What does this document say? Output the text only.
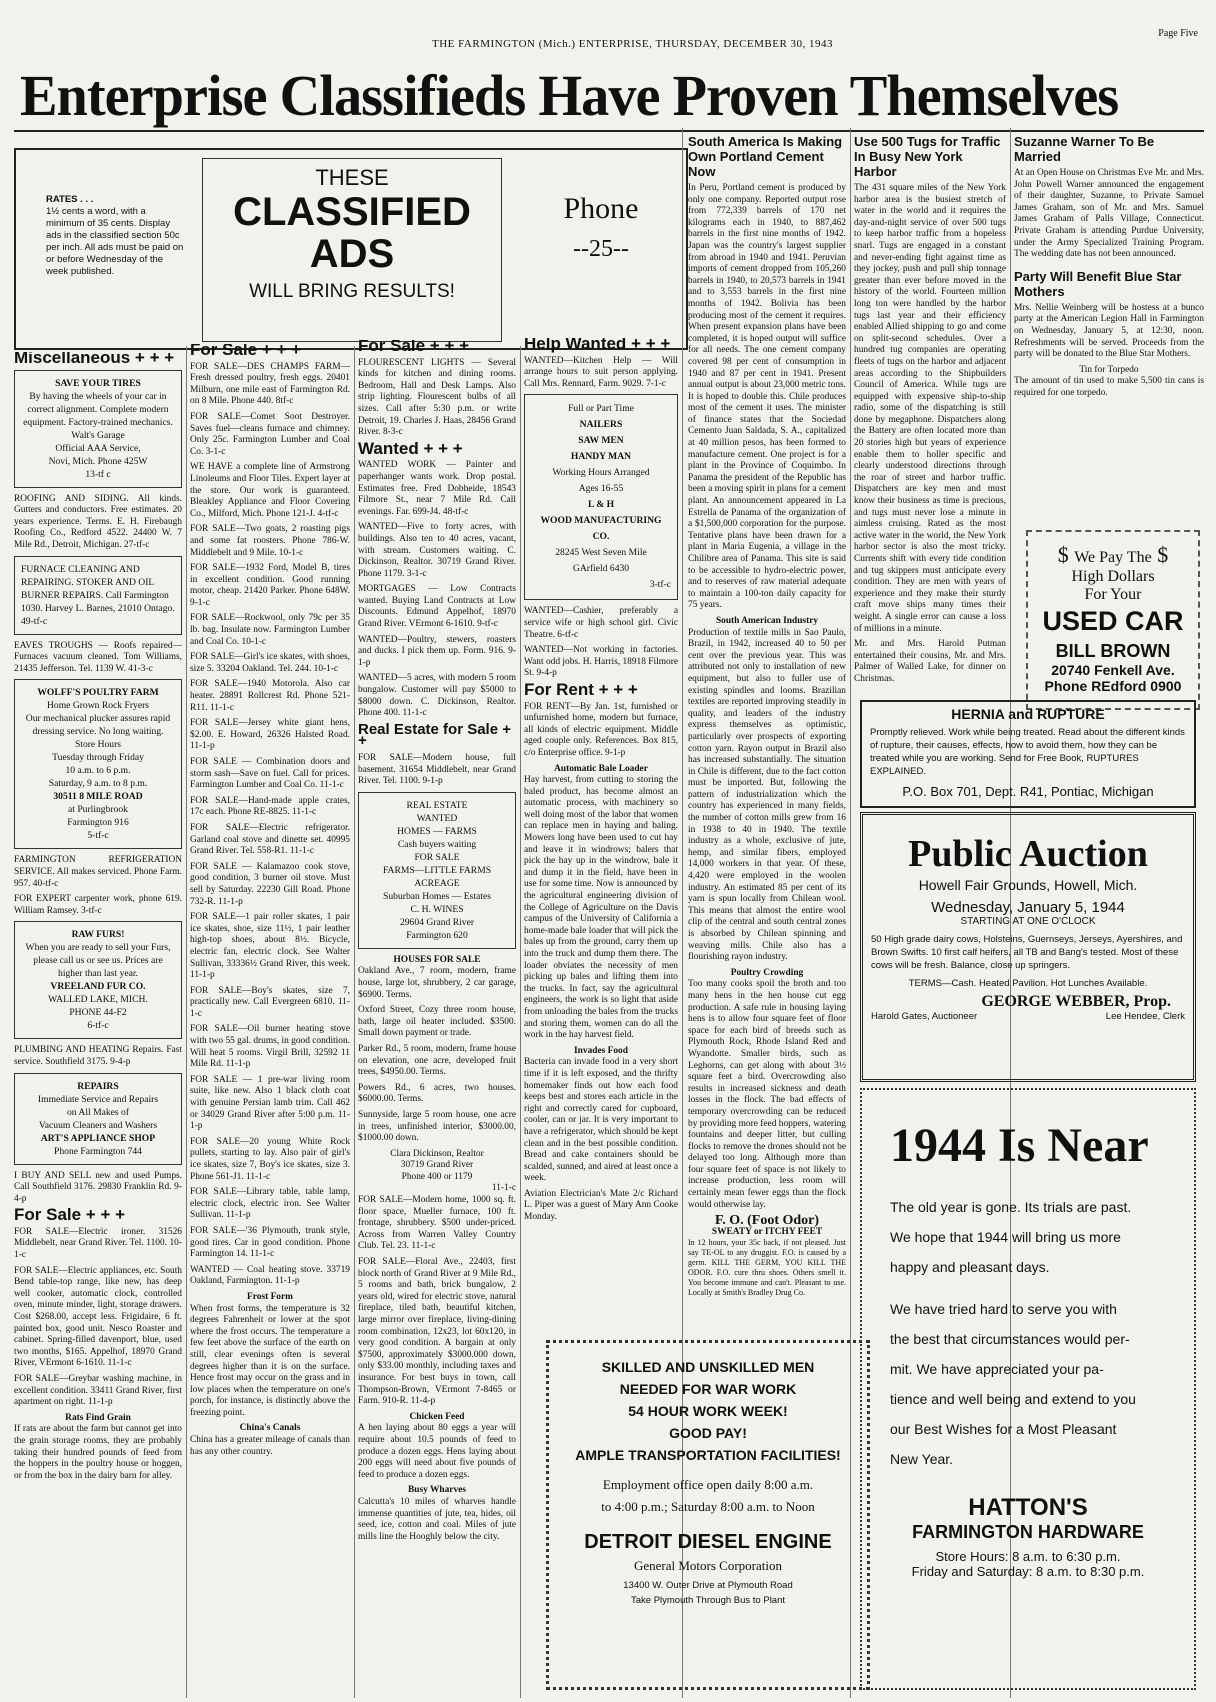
THE FARMINGTON (Mich.) ENTERPRISE, THURSDAY, DECEMBER 30, 1943
Page Five
Enterprise Classifieds Have Proven Themselves
RATES . . .
1½ cents a word, with a minimum of 35 cents. Display ads in the classified section 50c per inch. All ads must be paid on or before Wednesday of the week published.
THESE
CLASSIFIED
ADS
WILL BRING RESULTS!
Phone
--25--
Miscellaneous + + +
SAVE YOUR TIRES
By having the wheels of your car in correct alignment. Complete modern equipment. Factory-trained mechanics.
Walt's Garage
Official AAA Service,
Novi, Mich. Phone 425W
13-tf c

ROOFING AND SIDING. All kinds. Gutters and conductors. Free estimates. 20 years experience. Terms. E. H. Firebaugh Roofing Co., Redford 4522. 24400 W. 7 Mile Rd., Detroit, Michigan. 27-tf-c

FURNACE CLEANING AND REPAIRING. STOKER AND OIL BURNER REPAIRS. Call Farmington 1030. Harvey L. Barnes, 21010 Ontago. 49-tf-c

EAVES TROUGHS — Roofs repaired—Furnaces vacuum cleaned. Tom Williams, 21435 Jefferson. Tel. 1139 W. 41-3-c

WOLFF'S POULTRY FARM
Home Grown Rock Fryers
Our mechanical plucker assures rapid dressing service. No long waiting.
Store Hours
Tuesday through Friday
10 a.m. to 6 p.m.
Saturday, 9 a.m. to 8 p.m.
30511 8 MILE ROAD
at Purlingbrook
Farmington 916
5-tf-c

FARMINGTON REFRIGERATION SERVICE. All makes serviced. Phone Farm. 957. 40-tf-c

FOR EXPERT carpenter work, phone 619. William Ramsey. 3-tf-c

RAW FURS!
When you are ready to sell your Furs, please call us or see us. Prices are higher than last year.
VREELAND FUR CO.
WALLED LAKE, MICH.
PHONE 44-F2
6-tf-c

PLUMBING AND HEATING Repairs. Fast service. Southfield 3175. 9-4-p

REPAIRS
Immediate Service and Repairs
on All Makes of
Vacuum Cleaners and Washers
ART'S APPLIANCE SHOP
Phone Farmington 744

I BUY AND SELL new and used Pumps. Call Southfield 3176. 29830 Franklin Rd. 9-4-p

For Sale + + +

FOR SALE—Electric ironer. 31526 Middlebelt, near Grand River. Tel. 1100. 10-1-c

FOR SALE—Electric appliances, etc. South Bend table-top range, like new, has deep well cooker, automatic clock, controlled oven, minute minder, light, storage drawers. Cost $268.00, accept less. Frigidaire, 6 ft. painted box, good unit. Nesco Roaster and cabinet. Spring-filled davenport, blue, used two months, $165. Appelhof, 18970 Grand River, VErmont 6-1610. 11-1-c

FOR SALE—Greybar washing machine, in excellent condition. 33411 Grand River, first apartment on right. 11-1-p

Rats Find Grain

If rats are about the farm but cannot get into the grain storage rooms, they are probably taking their hundred pounds of feed from the hoppers in the poultry house or hoggen, or from the box in the dairy barn for alley.

For Sale + + +

FOR SALE—DES CHAMPS FARM—Fresh dressed poultry, fresh eggs. 20401 Milburn, one mile east of Farmington Rd. on 8 Mile. Phone 440. 8tf-c

FOR SALE—Comet Soot Destroyer. Saves fuel—cleans furnace and chimney. Only 25c. Farmington Lumber and Coal Co. 3-1-c

WE HAVE a complete line of Armstrong Linoleums and Floor Tiles. Expert layer at the store. Our work is guaranteed. Bleakley Appliance and Floor Covering Co., Milford, Mich. Phone 121-J. 4-tf-c

FOR SALE—Two goats, 2 roasting pigs and some fat roosters. Phone 786-W. Middlebelt and 9 Mile. 10-1-c

FOR SALE—1932 Ford, Model B, tires in excellent condition. Good running motor, cheap. 21420 Parker. Phone 648W. 9-1-c

FOR SALE—Rockwool, only 79c per 35 lb. bag. Insulate now. Farmington Lumber and Coal Co. 10-1-c

FOR SALE—Girl's ice skates, with shoes, size 5. 33204 Oakland. Tel. 244. 10-1-c

FOR SALE—1940 Motorola. Also car heater. 28891 Rollcrest Rd. Phone 521-R11. 11-1-c

FOR SALE—Jersey white giant hens, $2.00. E. Howard, 26326 Halsted Road. 11-1-p

FOR SALE — Combination doors and storm sash—Save on fuel. Call for prices. Farmington Lumber and Coal Co. 11-1-c

FOR SALE—Hand-made apple crates, 17c each. Phone RE-8825. 11-1-c

FOR SALE—Electric refrigerator. Garland coal stove and dinette set. 40995 Grand River. Tel. 558-R1. 11-1-c

FOR SALE — Kalamazoo cook stove, good condition, 3 burner oil stove. Must sell by Saturday. 22230 Gill Road. Phone 732-R. 11-1-p

FOR SALE—1 pair roller skates, 1 pair ice skates, shoe, size 11½, 1 pair leather high-top shoes, about 8½. Bicycle, electric fan, electric clock. See Walter Sullivan, 33336½ Grand River, this week. 11-1-p

FOR SALE—Boy's skates, size 7, practically new. Call Evergreen 6810. 11-1-c

FOR SALE—Oil burner heating stove with two 55 gal. drums, in good condition. Will heat 5 rooms. Virgil Brill, 32592 11 Mile Rd. 11-1-p

FOR SALE — 1 pre-war living room suite, like new. Also 1 black cloth coat with genuine Persian lamb trim. Call 462 or 34029 Grand River after 5:00 p.m. 11-1-p

FOR SALE—20 young White Rock pullets, starting to lay. Also pair of girl's ice skates, size 7, Boy's ice skates, size 3. Phone 561-J1. 11-1-c

FOR SALE—Library table, table lamp, electric clock, electric iron. See Walter Sullivan. 11-1-p

FOR SALE—'36 Plymouth, trunk style, good tires. Car in good condition. Phone Farmington 14. 11-1-c

WANTED — Coal heating stove. 33719 Oakland, Farmington. 11-1-p

Frost Form

When frost forms, the temperature is 32 degrees Fahrenheit or lower at the spot where the frost occurs. The temperature a few feet above the surface of the earth on still, clear evenings often is several degrees higher than it is on the surface. Hence frost may occur on the grass and in low places when the temperature on one's porch, for instance, is distinctly above the freezing point.

China's Canals

China has a greater mileage of canals than has any other country.

For Sale + + +

FLOURESCENT LIGHTS — Several kinds for kitchen and dining rooms. Bedroom, Hall and Desk Lamps. Also strip lighting. Flourescent bulbs of all sizes. Call after 5:30 p.m. or write Detroit, 19. Charles J. Haas, 28456 Grand River. 8-3-c

Wanted + + +

WANTED WORK — Painter and paperhanger wants work. Drop postal. Estimates free. Fred Dobheide, 18543 Filmore St., near 7 Mile Rd. Call evenings. Far. 699-J4. 48-tf-c

WANTED—Five to forty acres, with buildings. Also ten to 40 acres, vacant, with stream. Customers waiting. C. Dickinson, Realtor. 30719 Grand River. Phone 1179. 3-1-c

MORTGAGES — Low Contracts wanted. Buying Land Contracts at Low Discounts. Edmund Appelhof, 18970 Grand River. VErmont 6-1610. 9-tf-c

WANTED—Poultry, stewers, roasters and ducks. I pick them up. Form. 916. 9-1-p

WANTED—5 acres, with modern 5 room bungalow. Customer will pay $5000 to $8000 down. C. Dickinson, Realtor. Phone 400. 11-1-c

Real Estate for Sale + +

FOR SALE—Modern house, full basement. 31654 Middlebelt, near Grand River. Tel. 1100. 9-1-p

REAL ESTATE
WANTED
HOMES — FARMS
Cash buyers waiting
FOR SALE
FARMS—LITTLE FARMS
ACREAGE
Suburban Homes — Estates
C. H. WINES
29604 Grand River
Farmington 620
HOUSES FOR SALE

Oakland Ave., 7 room, modern, frame house, large lot, shrubbery, 2 car garage, $6900. Terms.

Oxford Street, Cozy three room house, bath, large oil heater included. $3500. Small down payment or trade.

Parker Rd., 5 room, modern, frame house on elevation, one acre, developed fruit trees, $4950.00. Terms.

Powers Rd., 6 acres, two houses. $6000.00. Terms.

Sunnyside, large 5 room house, one acre in trees, unfinished interior, $3000.00, $1000.00 down.

Clara Dickinson, Realtor
30719 Grand River
Phone 400 or 1179
11-1-c

FOR SALE—Modern home, 1000 sq. ft. floor space, Mueller furnace, 100 ft. frontage, shrubbery. $500 under-priced. Across from Warren Valley Country Club. Tel. 23. 11-1-c

FOR SALE—Floral Ave., 22403, first block north of Grand River at 9 Mile Rd., 5 rooms and bath, brick bungalow, 2 years old, wired for electric stove, natural fireplace, tiled bath, beautiful kitchen, large mirror over fireplace, living-dining room combination, 12x23, lot 60x120, in very good condition. A bargain at only $7500, approximately $3000.000 down, only $33.00 monthly, including taxes and insurance. For best buys in town, call Thompson-Brown, VErmont 7-8465 or Farm. 910-R. 11-4-p

Chicken Feed

A hen laying about 80 eggs a year will require about 10.5 pounds of feed to produce a dozen eggs. Hens laying about 200 eggs will need about five pounds of feed to produce a dozen eggs.

Busy Wharves

Calcutta's 10 miles of wharves handle immense quantities of jute, tea, hides, oil seed, ice, cotton and coal. Miles of jute mills line the Hooghly below the city.

Help Wanted + + +

WANTED—Kitchen Help — Will arrange hours to suit person applying. Call Mrs. Rennard, Farm. 9029. 7-1-c

Full or Part Time
NAILERS
SAW MEN
HANDY MAN
Working Hours Arranged
Ages 16-55
L & H
WOOD MANUFACTURING CO.
28245 West Seven Mile
GArfield 6430
3-tf-c

WANTED—Cashier, preferably a service wife or high school girl. Civic Theatre. 6-tf-c

WANTED—Not working in factories. Want odd jobs. H. Harris, 18918 Filmore St. 9-4-p

For Rent + + +

FOR RENT—By Jan. 1st, furnished or unfurnished home, modern but furnace, all kinds of electric equipment. Middle aged couple only. References. Box 815, c/o Enterprise office. 9-1-p

Automatic Bale Loader

Hay harvest, from cutting to storing the baled product, has become almost an automatic process, with machinery so well doing most of the labor that women can replace men in haying and baling. Mowers long have been used to cut hay and leave it in windrows; balers that pick the hay up in the windrow, bale it and dump it in the field, have been in use for some time. Now is announced by the agricultural engineering division of the College of Agriculture on the Davis campus of the University of California a home-made bale loader that will pick the bales up from the ground, carry them up into the truck and dump them there. The loader obviates the necessity of men picking up bales and lifting them into the trucks. In fact, say the agricultural engineers, the work is so light that aside from unloading the bales from the trucks and storing them, women can do all the work in the hay harvest field.

Invades Food

Bacteria can invade food in a very short time if it is left exposed, and the thrifty homemaker finds out how each food keeps best and stores each article in the right and correctly cared for cupboard, cooler, can or jar. It is very important to have a refrigerator, which should be kept clean and in the best possible condition. Bread and cake containers should be scalded, sunned, and aired at least once a week.

Aviation Electrician's Mate 2/c Richard L. Piper was a guest of Mary Ann Cooke Monday.

South America Is Making Own Portland Cement Now

In Peru, Portland cement is produced by only one company. Reported output rose from 772,339 barrels of 170 net kilograms each in 1940, to 887,462 barrels in the first nine months of 1942. Japan was the country's largest supplier from abroad in 1940 and 1941. Peruvian imports of cement dropped from 105,260 barrels in 1940, to 20,573 barrels in 1941 and to 3,553 barrels in the first nine months of 1942. Bolivia has been producing most of the cement it requires. When present expansion plans have been completed, it is hoped output will suffice for all needs. The one cement company covered 98 per cent of consumption in 1940 and 87 per cent in 1941. Present annual output is about 23,000 metric tons. It is hoped to double this. Chile produces most of the cement it uses. The minister of finance states that the Sociedad Cemento Juan Saldada, S. A., capitalized at 40 million pesos, has been formed to manufacture cement. One project is for a plant in the Province of Coquimbo. In Panama the president of the Republic has been a moving spirit in plans for a cement plant. An announcement appeared in La Estrella de Panama of the organization of a $1,500,000 corporation for the purpose. Tentative plans have been drawn for a plant in Maria Eugenia, a village in the Chilibre area of Panama. This site is said to be accessible to hydro-electric power, and to reserves of raw material adequate to maintain a 100-ton daily capacity for 75 years.

South American Industry

Production of textile mills in Sao Paulo, Brazil, in 1942, increased 40 to 50 per cent over the previous year. This was attributed not only to installation of new equipment, but also to fuller use of existing spindles and looms. Brazilian textiles are reported improving steadily in quality, and leaders of the industry express themselves as optimistic, particularly over prospects of exporting cotton yarn. Rayon output in Brazil also has increased substantially. The situation in Chile is different, due to the fact cotton must be imported. But, following the pattern of industrialization which the country has experienced in many fields, the number of cotton mills grew from 16 in 1938 to 40 in 1940. The textile industry as a whole, exclusive of jute, hemp, and similar fibers, employed 14,000 workers in that year. Of these, 4,420 were employed in the woolen industry. An estimated 85 per cent of its yarn is spun locally from Chilean wool. This means that almost the entire wool clip of the central and south central zones is absorbed by Chilean spinning and weaving mills. Chile also has a flourishing rayon industry.

Poultry Crowding

Too many cooks spoil the broth and too many hens in the hen house cut egg production. A safe rule in housing laying hens is to allow four square feet of floor space for each bird of breeds such as Plymouth Rock, Rhode Island Red and Wyandotte. Smaller birds, such as Leghorns, can get along with about 3½ square feet a bird. Overcrowding also results in increased sickness and death losses in the flock. The bad effects of temporary overcrowding can be reduced by providing more feed hoppers, watering fountains and deeper litter, but culling flocks to remove the drones should not be delayed too long. Although more than four square feet of space is not likely to increase production, less room will certainly mean fewer eggs than the flock would otherwise lay.

F. O. (Foot Odor)
SWEATY or ITCHY FEET

In 12 hours, your 35c back, if not pleased. Just say TE-OL to any druggist. F.O. is caused by a germ. KILL THE GERM, YOU KILL THE ODOR. F.O. cure thru shoes. Others smell it. You become immune and can't. Pleasant to use. Locally at Smith's Bradley Drug Co.

Use 500 Tugs for Traffic In Busy New York Harbor

The 431 square miles of the New York harbor area is the busiest stretch of water in the world and it requires the day-and-night service of over 500 tugs to keep harbor traffic from a hopeless snarl. Tugs are engaged in a constant and never-ending fight against time as they jockey, push and pull ship tonnage greater than ever before moved in the history of the world. Fourteen million long ton were handled by the harbor tugs last year and their efficiency enabled Allied shipping to go and come on split-second schedules. Over a hundred tug companies are operating fleets of tugs on the harbor and adjacent areas according to the Shipbuilders Council of America. While tugs are equipped with expensive ship-to-ship radio, some of the dispatching is still done by megaphone. Dispatchers along the Battery are often located more than 20 stories high but years of experience enable them to holler specific and clearly understood directions through the roar of street and harbor traffic. Dispatchers are key men and must know their business as time is precious, and tugs must never lose a minute in aimless cruising. Rated as the most active water in the world, the New York harbor sector is also the most tricky. Currents shift with every tide condition and tug skippers must anticipate every condition. They are men with years of experience and they make their sturdy craft move ships many times their weight. A single error can cause a loss of millions in a minute.

Mr. and Mrs. Harold Putman entertained their cousins, Mr. and Mrs. Palmer of Walled Lake, for dinner on Christmas.

Suzanne Warner To Be Married

At an Open House on Christmas Eve Mr. and Mrs. John Powell Warner announced the engagement of their daughter, Suzanne, to Private Samuel James Graham, son of Mr. and Mrs. Samuel James Graham of Palls Village, Connecticut. Private Graham is attending Purdue University, under the Army Specialized Training Program. The wedding date has not been announced.

Party Will Benefit Blue Star Mothers

Mrs. Nellie Weinberg will be hostess at a bunco party at the American Legion Hall in Farmington on Wednesday, January 5, at 12:30, noon. Refreshments will be served. Proceeds from the party will be donated to the Blue Star Mothers.

Tin for Torpedo

The amount of tin used to make 5,500 tin cans is required for one torpedo.

$ We Pay The $
High Dollars
For Your
USED CAR
BILL BROWN
20740 Fenkell Ave.
Phone REdford 0900
HERNIA and RUPTURE
Promptly relieved. Work while being treated. Read about the different kinds of rupture, their causes, effects, how to avoid them, how they can be treated while you are working. Send for Free Book, RUPTURES EXPLAINED.
P.O. Box 701, Dept. R41, Pontiac, Michigan
Public Auction
Howell Fair Grounds, Howell, Mich.
Wednesday, January 5, 1944
STARTING AT ONE O'CLOCK
50 High grade dairy cows, Holsteins, Guernseys, Jerseys, Ayershires, and Brown Swifts. 10 first calf heifers, all TB and Bang's tested. Most of these cows will be fresh. Balance, close up springers.
TERMS—Cash. Heated Pavilion. Hot Lunches Available.
GEORGE WEBBER, Prop.
Harold Gates, Auctioneer	Lee Hendee, Clerk
1944 Is Near
The old year is gone. Its trials are past.
We hope that 1944 will bring us more
happy and pleasant days.
We have tried hard to serve you with
the best that circumstances would per-
mit. We have appreciated your pa-
tience and well being and extend to you
our Best Wishes for a Most Pleasant
New Year.
HATTON'S
FARMINGTON HARDWARE
Store Hours: 8 a.m. to 6:30 p.m.
Friday and Saturday: 8 a.m. to 8:30 p.m.
SKILLED AND UNSKILLED MEN
NEEDED FOR WAR WORK
54 HOUR WORK WEEK!
GOOD PAY!
AMPLE TRANSPORTATION FACILITIES!
Employment office open daily 8:00 a.m.
to 4:00 p.m.; Saturday 8:00 a.m. to Noon
DETROIT DIESEL ENGINE
General Motors Corporation
13400 W. Outer Drive at Plymouth Road
Take Plymouth Through Bus to Plant
